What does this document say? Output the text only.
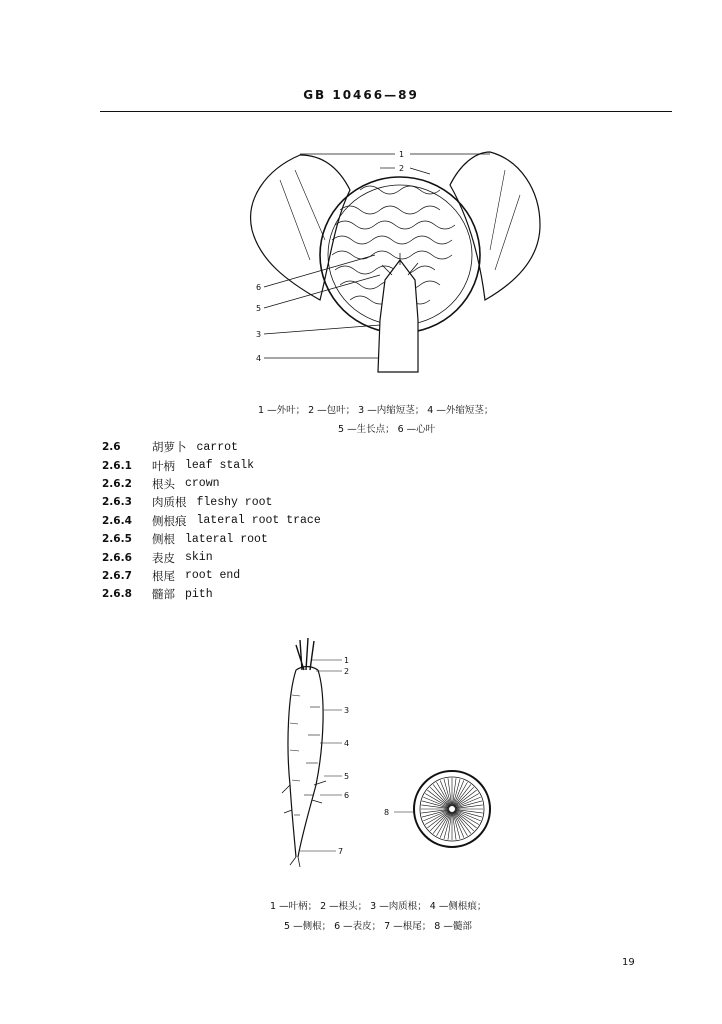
GB 10466—89
1
2
3
4
5
6
1 —外叶； 2 —包叶； 3 —内缩短茎； 4 —外缩短茎；
5 —生长点； 6 —心叶
2.6	胡萝卜 carrot
2.6.1	叶柄 leaf stalk
2.6.2	根头 crown
2.6.3	肉质根 fleshy root
2.6.4	侧根痕 lateral root trace
2.6.5	侧根 lateral root
2.6.6	表皮 skin
2.6.7	根尾 root end
2.6.8	髓部 pith
1
2
3
4
5
6
7
8
1 —叶柄； 2 —根头； 3 —肉质根； 4 —侧根痕；
5 —侧根； 6 —表皮； 7 —根尾； 8 —髓部
19
